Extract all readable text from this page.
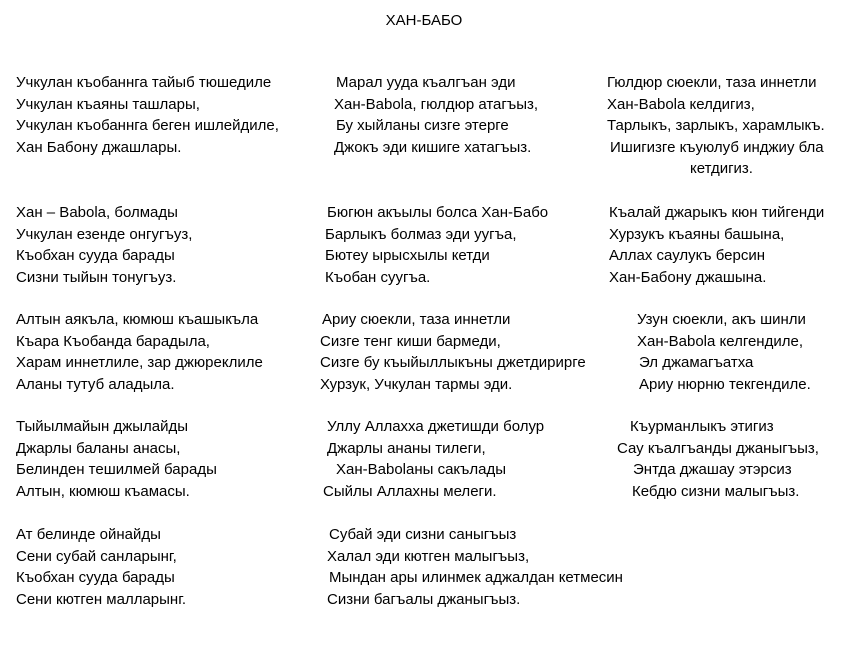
ХАН-БАБО
Учкулан къобаннга тайыб тюшедиле
Учкулан къаяны ташлары,
Учкулан къобаннга беген ишлейдиле,
Хан Бабону джашлары.
Марал ууда къалгъан эди
Хан-Babola, гюлдюр атагъыз,
Бу хыйланы сизге этерге
Джокъ эди кишиге хатагъыз.
Гюлдюр сюекли, таза иннетли
Хан-Babola келдигиз,
Тарлыкъ, зарлыкъ, харамлыкъ.
Ишигизге къуюлуб инджиу бла
кетдигиз.
Хан – Babola, болмады
Учкулан езенде онгугъуз,
Къобхан сууда барады
Сизни тыйын тонугъуз.
Бюгюн акъылы болса Хан-Бабо
Барлыкъ болмаз эди уугъа,
Бютеу ырысхылы кетди
Къобан суугъа.
Къалай джарыкъ кюн тийгенди
Хурзукъ къаяны башына,
Аллах саулукъ берсин
Хан-Бабону джашына.
Алтын аякъла, кюмюш къашыкъла
Къара Къобанда барадыла,
Харам иннетлиле, зар джюреклиле
Аланы тутуб аладыла.
Ариу сюекли, таза иннетли
Сизге тенг киши бармеди,
Сизге бу къыйыллыкъны джетдирирге
Хурзук, Учкулан тармы эди.
Узун сюекли, акъ шинли
Хан-Babola келгендиле,
Эл джамагъатха
Ариу нюрню текгендиле.
Тыйылмайын джылайды
Джарлы баланы анасы,
Белинден тешилмей барады
Алтын, кюмюш къамасы.
Уллу Аллахха джетишди болур
Джарлы ананы тилеги,
Хан-Babolaны сакълады
Сыйлы Аллахны мелеги.
Къурманлыкъ этигиз
Сау къалгъанды джаныгъыз,
Энтда джашау этэрсиз
Кебдю сизни малыгъыз.
Ат белинде ойнайды
Сени субай санларынг,
Къобхан сууда барады
Сени кютген малларынг.
Субай эди сизни саныгъыз
Халал эди кютген малыгъыз,
Мындан ары илинмек аджалдан кетмесин
Сизни багъалы джаныгъыз.
